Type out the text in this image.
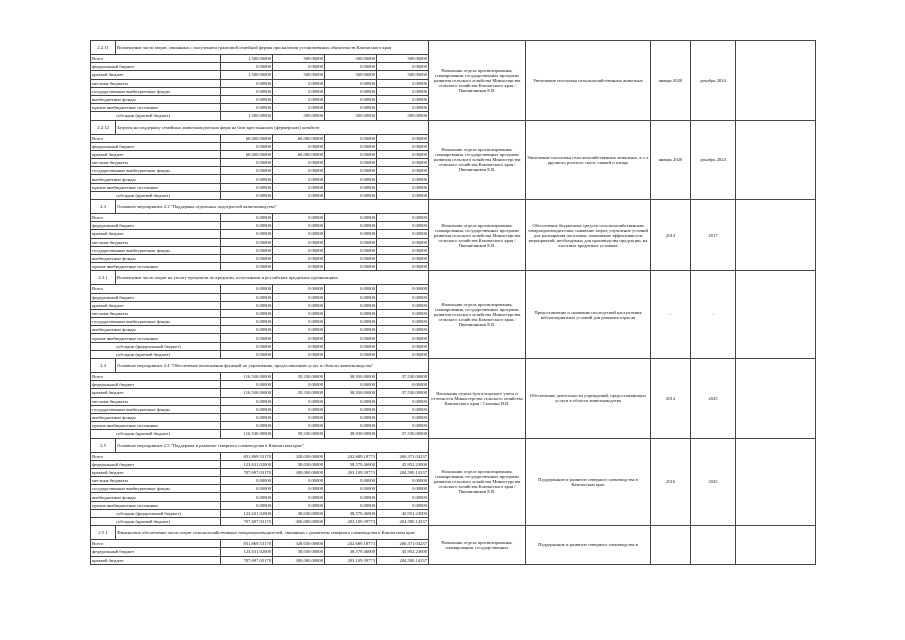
2.2.11	Возмещение части затрат, связанных с получением грантовой семейной фермы при наличии установленных обязательств Камчатского края					Начальник отдела прогнозирования, планирования, государственных программ развития сельского хозяйства Министерства сельского хозяйства Камчатского края / Пшеничников Е.В.	Увеличение поголовья сельскохозяйственных животных	январь 2020	декабрь 2024	
Всего		1,500.00000	500.00000	500.00000	500.00000					
федеральный бюджет		0.00000	0.00000	0.00000	0.00000					
краевой бюджет		1,500.00000	500.00000	500.00000	500.00000					
местные бюджеты		0.00000	0.00000	0.00000	0.00000					
государственные внебюджетные фонды		0.00000	0.00000	0.00000	0.00000					
внебюджетные фонды		0.00000	0.00000	0.00000	0.00000					
прочие внебюджетные источники		0.00000	0.00000	0.00000	0.00000					
субсидии (краевой бюджет)		1,500.00000	500.00000	500.00000	500.00000					
2.2.12	Затраты на поддержку семейных животноводческих ферм на базе крестьянских (фермерских) хозяйств					Начальник отдела прогнозирования, планирования, государственных программ развития сельского хозяйства Министерства сельского хозяйства Камчатского края / Пшеничников Е.В.	Увеличение поголовья сельскохозяйственных животных, в т.ч. крупного рогатого скота, свиней и птицы	январь 2020	декабрь 2024	
Всего		60,000.00000	60,000.00000	0.00000	0.00000					
федеральный бюджет		0.00000	0.00000	0.00000	0.00000					
краевой бюджет		60,000.00000	60,000.00000	0.00000	0.00000					
местные бюджеты		0.00000	0.00000	0.00000	0.00000					
государственные внебюджетные фонды		0.00000	0.00000	0.00000	0.00000					
внебюджетные фонды		0.00000	0.00000	0.00000	0.00000					
прочие внебюджетные источники		0.00000	0.00000	0.00000	0.00000					
субсидии (краевой бюджет)		0.00000	0.00000	0.00000	0.00000					
2.3	Основное мероприятие 2.3 "Поддержка отдельных подотраслей животноводства"					Начальник отдела прогнозирования, планирования, государственных программ развития сельского хозяйства Министерства сельского хозяйства Камчатского края / Пшеничников Е.В.	Обеспечение бюджетных средств сельскохозяйственным товаропроизводителям, снижение затрат, улучшение условий для расширения поголовья, повышение эффективности мероприятий, необходимых для производства продукции, на льготных кредитных условиях	2014	2017	
Всего		0.00000	0.00000	0.00000	0.00000					
федеральный бюджет		0.00000	0.00000	0.00000	0.00000					
краевой бюджет		0.00000	0.00000	0.00000	0.00000					
местные бюджеты		0.00000	0.00000	0.00000	0.00000					
государственные внебюджетные фонды		0.00000	0.00000	0.00000	0.00000					
внебюджетные фонды		0.00000	0.00000	0.00000	0.00000					
прочие внебюджетные источники		0.00000	0.00000	0.00000	0.00000					
2.3.1	Возмещение части затрат на уплату процентов по кредитам, полученным в российских кредитных организациях					Начальник отдела прогнозирования, планирования, государственных программ развития сельского хозяйства Министерства сельского хозяйства Камчатского края / Пшеничников Е.В.	Предоставление и снижение последствий наступления неблагоприятных условий для развития отрасли	-	-	
Всего		0.00000	0.00000	0.00000	0.00000					
федеральный бюджет		0.00000	0.00000	0.00000	0.00000					
краевой бюджет		0.00000	0.00000	0.00000	0.00000					
местные бюджеты		0.00000	0.00000	0.00000	0.00000					
государственные внебюджетные фонды		0.00000	0.00000	0.00000	0.00000					
внебюджетные фонды		0.00000	0.00000	0.00000	0.00000					
прочие внебюджетные источники		0.00000	0.00000	0.00000	0.00000					
субсидии (федеральный бюджет)		0.00000	0.00000	0.00000	0.00000					
субсидии (краевой бюджет)		0.00000	0.00000	0.00000	0.00000					
2.4	Основное мероприятие 2.4 "Обеспечение выполнения функций по управлению, предоставлению услуг в области животноводства"					Начальник отдела бухгалтерского учета и отчетности Министерства сельского хозяйства Камчатского края / Смагина Н.В.	Обеспечение деятельности учреждений, предоставляющих услуги в области животноводства	2014	2025	
Всего		116,530.00000	39,330.00000	38,930.00000	37,530.00000					
федеральный бюджет		0.00000	0.00000	0.00000	0.00000					
краевой бюджет		116,530.00000	39,330.00000	38,930.00000	37,530.00000					
местные бюджеты		0.00000	0.00000	0.00000	0.00000					
государственные внебюджетные фонды		0.00000	0.00000	0.00000	0.00000					
внебюджетные фонды		0.00000	0.00000	0.00000	0.00000					
прочие внебюджетные источники		0.00000	0.00000	0.00000	0.00000					
субсидии (краевой бюджет)		116,530.00000	39,330.00000	38,930.00000	37,530.00000					
2.5	Основное мероприятие 2.5 "Поддержка и развитие северного оленеводства в Камчатском крае"					Начальник отдела прогнозирования, планирования, государственных программ развития сельского хозяйства Министерства сельского хозяйства Камчатского края / Пшеничников Е.В.	Поддержание и развитие северного оленеводства в Камчатском крае	2016	2025	
Всего		831,869.53170	328,030.00000	242,689.18773	260,371.04237					
федеральный бюджет		123,631.02000	38,030.00000	38,579.46000	45,952.23000					
краевой бюджет		707,697.03170	300,000.00000	203,109.39773	204,580.14337					
местные бюджеты		0.00000	0.00000	0.00000	0.00000					
государственные внебюджетные фонды		0.00000	0.00000	0.00000	0.00000					
внебюджетные фонды		0.00000	0.00000	0.00000	0.00000					
прочие внебюджетные источники		0.00000	0.00000	0.00000	0.00000					
субсидии (федеральный бюджет)		123,631.02000	38,030.00000	38,579.46000	45,952.23000					
субсидии (краевой бюджет)		707,697.03170	300,000.00000	203,109.39773	204,580.14337					
2.5.1	Финансовое обеспечение части затрат сельскохозяйственных товаропроизводителей, связанных с развитием северного оленеводства в Камчатском крае					Начальник отдела прогнозирования, планирования, государственных	Поддержание и развитие северного оленеводства в			
Всего		831,869.53170	328,030.00000	242,689.18773	260,371.04237					
федеральный бюджет		123,631.02000	38,030.00000	38,579.46000	45,952.23000					
краевой бюджет		707,697.03170	300,000.00000	203,109.39773	204,580.14337					
